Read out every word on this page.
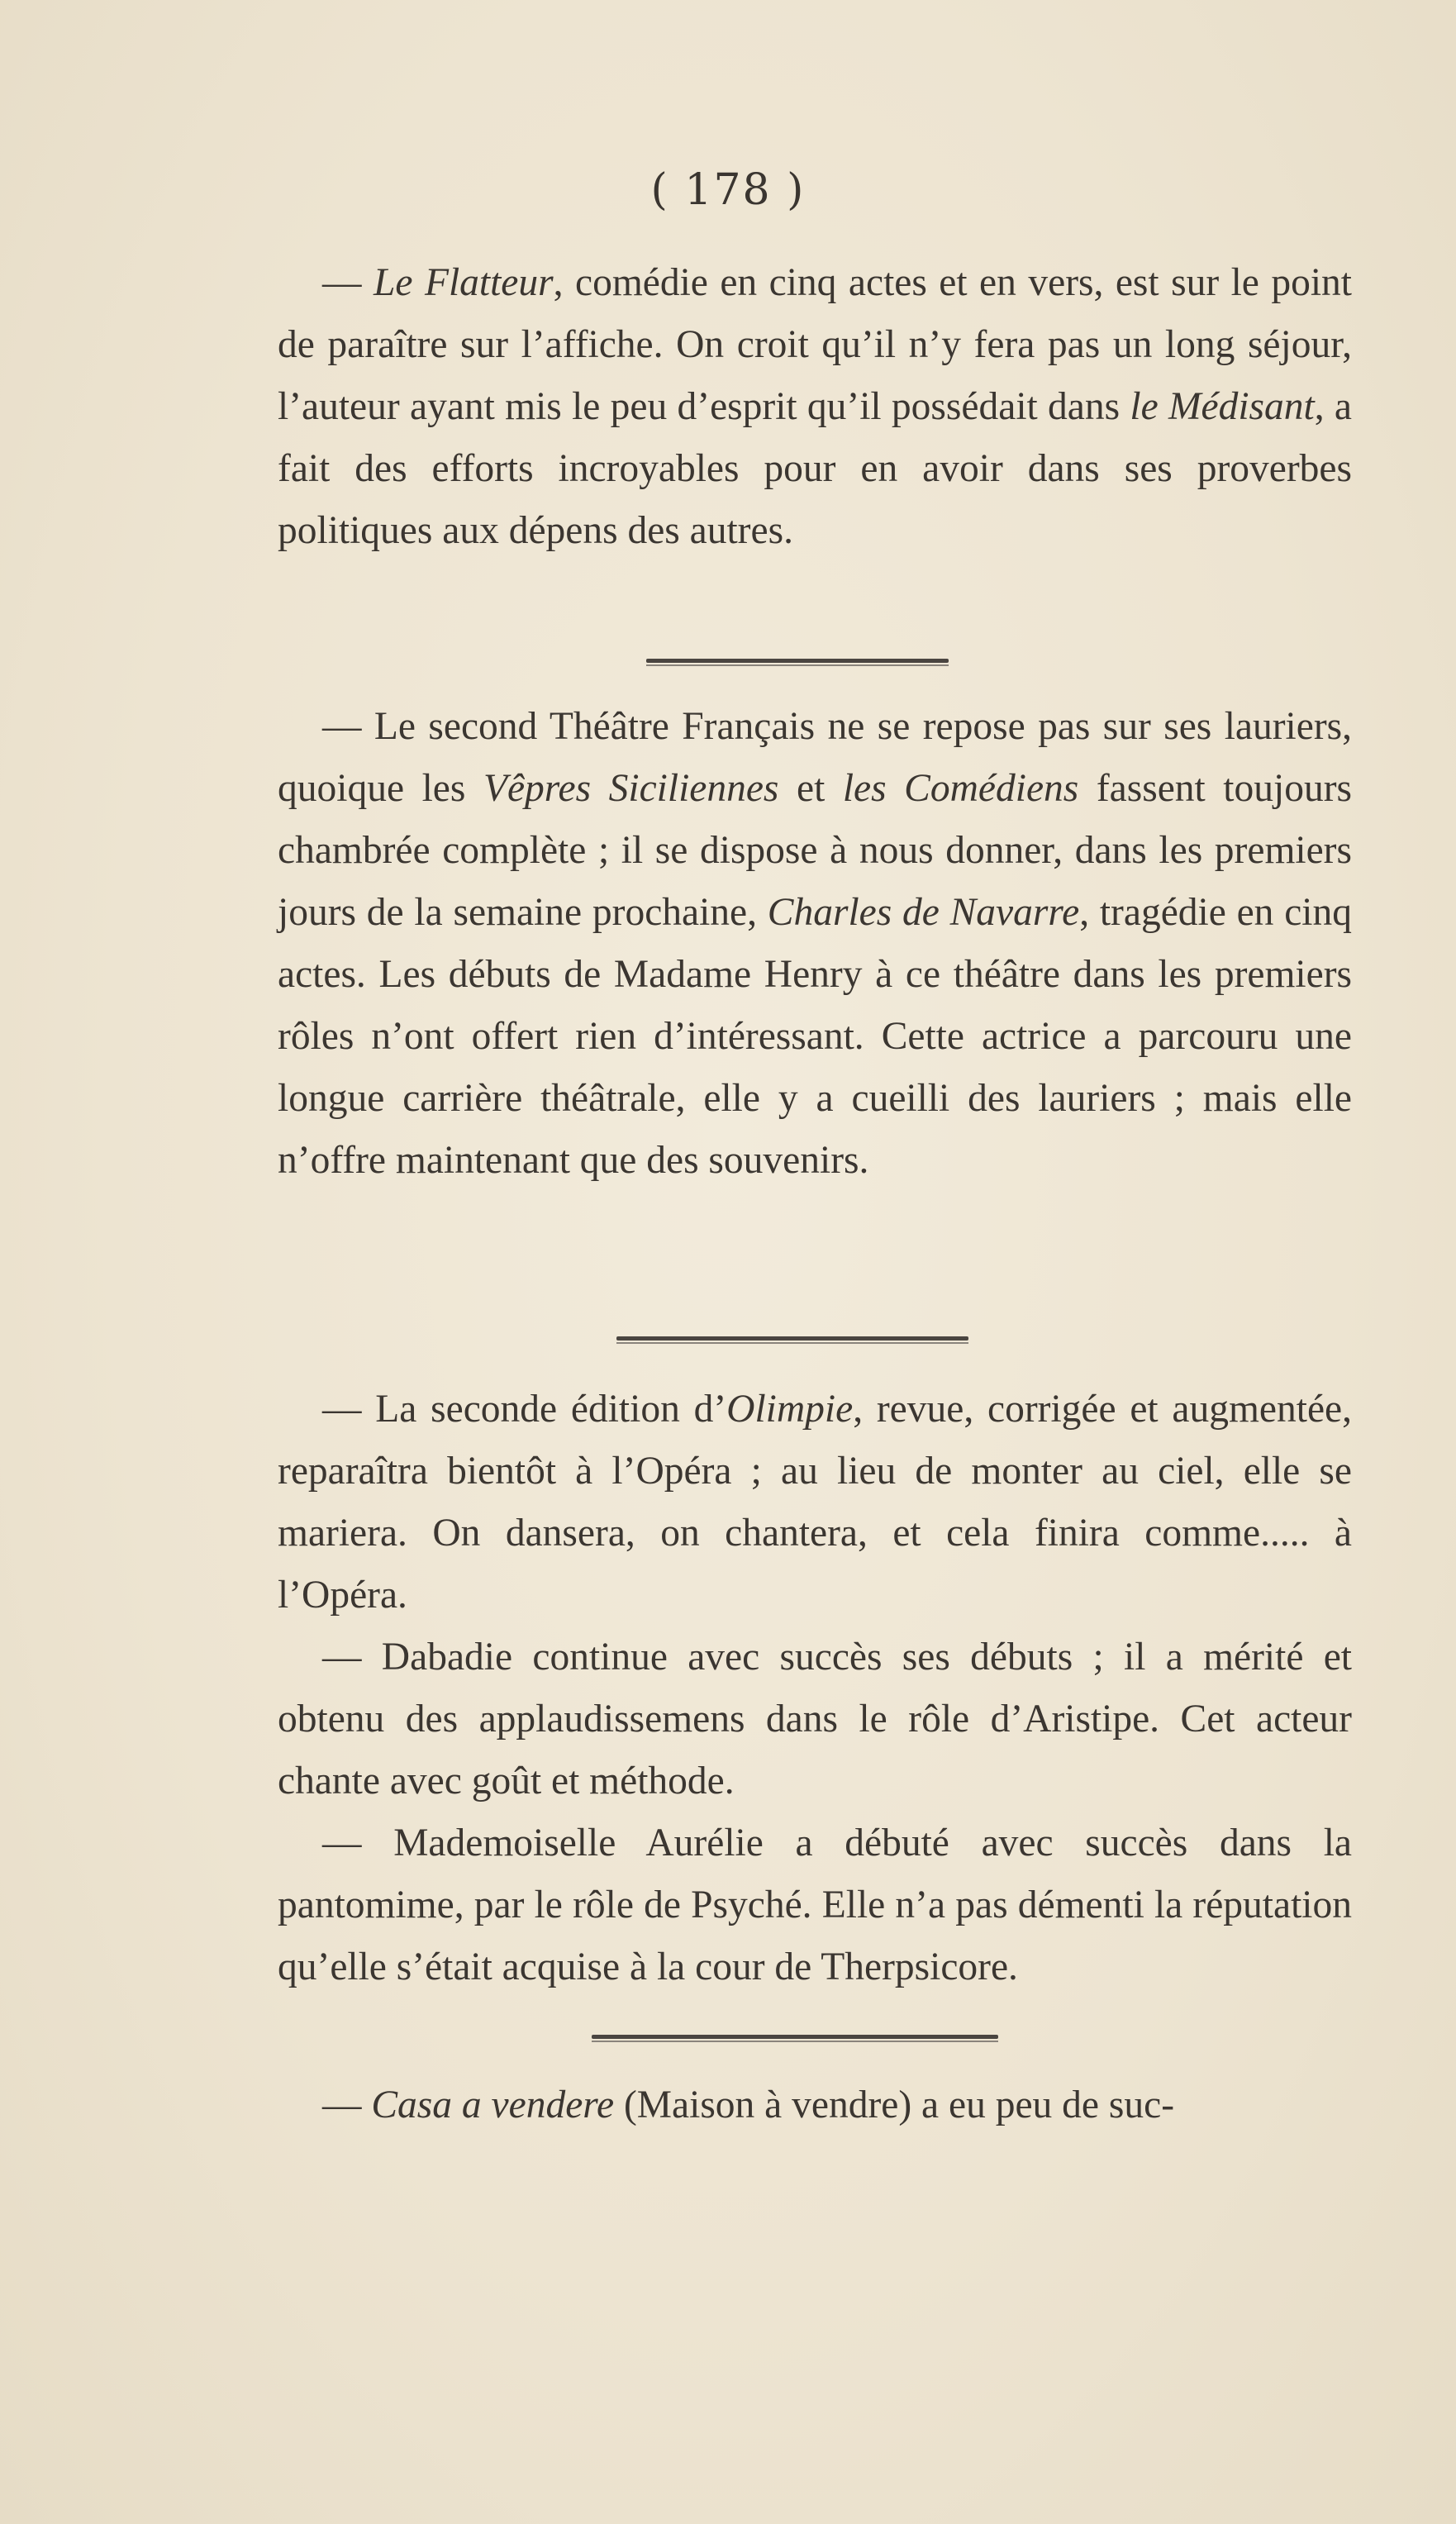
( 178 )

— Le Flatteur, comédie en cinq actes et en vers, est sur le point de paraître sur l’affiche. On croit qu’il n’y fera pas un long séjour, l’auteur ayant mis le peu d’esprit qu’il possédait dans le Médisant, a fait des efforts incroyables pour en avoir dans ses proverbes politiques aux dépens des autres.

— Le second Théâtre Français ne se repose pas sur ses lauriers, quoique les Vêpres Siciliennes et les Comédiens fassent toujours chambrée complète ; il se dispose à nous donner, dans les premiers jours de la semaine prochaine, Charles de Navarre, tragédie en cinq actes. Les débuts de Madame Henry à ce théâtre dans les premiers rôles n’ont offert rien d’intéressant. Cette actrice a parcouru une longue carrière théâtrale, elle y a cueilli des lauriers ; mais elle n’offre maintenant que des souvenirs.

— La seconde édition d’Olimpie, revue, corrigée et augmentée, reparaîtra bientôt à l’Opéra ; au lieu de monter au ciel, elle se mariera. On dansera, on chantera, et cela finira comme..... à l’Opéra.

— Dabadie continue avec succès ses débuts ; il a mérité et obtenu des applaudissemens dans le rôle d’Aristipe. Cet acteur chante avec goût et méthode.

— Mademoiselle Aurélie a débuté avec succès dans la pantomime, par le rôle de Psyché. Elle n’a pas démenti la réputation qu’elle s’était acquise à la cour de Therpsicore.

— Casa a vendere (Maison à vendre) a eu peu de suc-
